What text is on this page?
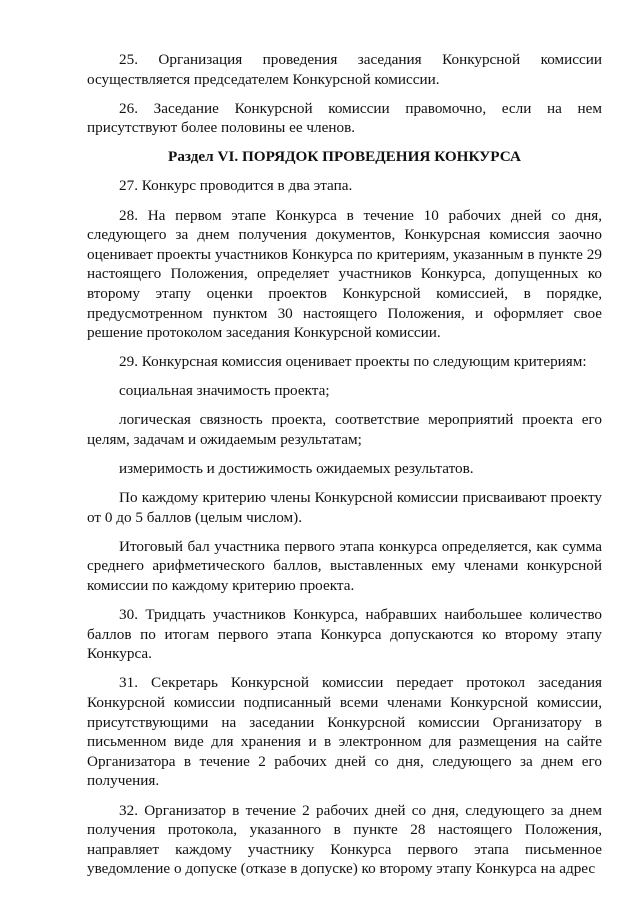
25. Организация проведения заседания Конкурсной комиссии осуществляется председателем Конкурсной комиссии.

26. Заседание Конкурсной комиссии правомочно, если на нем присутствуют более половины ее членов.

Раздел VI. ПОРЯДОК ПРОВЕДЕНИЯ КОНКУРСА

27. Конкурс проводится в два этапа.

28. На первом этапе Конкурса в течение 10 рабочих дней со дня, следующего за днем получения документов, Конкурсная комиссия заочно оценивает проекты участников Конкурса по критериям, указанным в пункте 29 настоящего Положения, определяет участников Конкурса, допущенных ко второму этапу оценки проектов Конкурсной комиссией, в порядке, предусмотренном пунктом 30 настоящего Положения, и оформляет свое решение протоколом заседания Конкурсной комиссии.

29. Конкурсная комиссия оценивает проекты по следующим критериям:

социальная значимость проекта;

логическая связность проекта, соответствие мероприятий проекта его целям, задачам и ожидаемым результатам;

измеримость и достижимость ожидаемых результатов.

По каждому критерию члены Конкурсной комиссии присваивают проекту от 0 до 5 баллов (целым числом).

Итоговый бал участника первого этапа конкурса определяется, как сумма среднего арифметического баллов, выставленных ему членами конкурсной комиссии по каждому критерию проекта.

30. Тридцать участников Конкурса, набравших наибольшее количество баллов по итогам первого этапа Конкурса допускаются ко второму этапу Конкурса.

31. Секретарь Конкурсной комиссии передает протокол заседания Конкурсной комиссии подписанный всеми членами Конкурсной комиссии, присутствующими на заседании Конкурсной комиссии Организатору в письменном виде для хранения и в электронном для размещения на сайте Организатора в течение 2 рабочих дней со дня, следующего за днем его получения.

32. Организатор в течение 2 рабочих дней со дня, следующего за днем получения протокола, указанного в пункте 28 настоящего Положения, направляет каждому участнику Конкурса первого этапа письменное уведомление о допуске (отказе в допуске) ко второму этапу Конкурса на адрес
